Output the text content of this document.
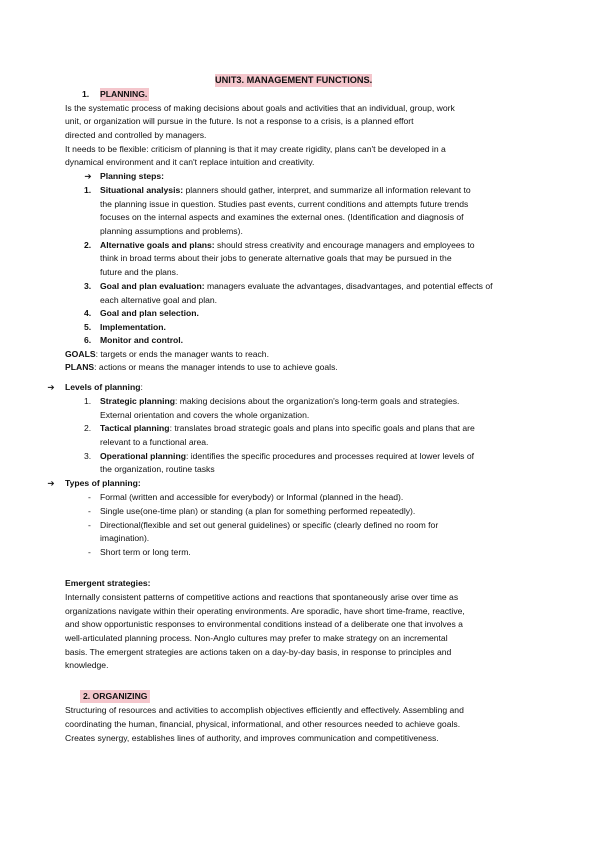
UNIT3. MANAGEMENT FUNCTIONS.
1. PLANNING.
Is the systematic process of making decisions about goals and activities that an individual, group, work
unit, or organization will pursue in the future. Is not a response to a crisis, is a planned effort
directed and controlled by managers.
It needs to be flexible: criticism of planning is that it may create rigidity, plans can't be developed in a
dynamical environment and it can't replace intuition and creativity.
➔ Planning steps:
1. Situational analysis: planners should gather, interpret, and summarize all information relevant to
the planning issue in question. Studies past events, current conditions and attempts future trends
focuses on the internal aspects and examines the external ones. (Identification and diagnosis of
planning assumptions and problems).
2. Alternative goals and plans: should stress creativity and encourage managers and employees to
think in broad terms about their jobs to generate alternative goals that may be pursued in the
future and the plans.
3. Goal and plan evaluation: managers evaluate the advantages, disadvantages, and potential effects of
each alternative goal and plan.
4. Goal and plan selection.
5. Implementation.
6. Monitor and control.
GOALS: targets or ends the manager wants to reach.
PLANS: actions or means the manager intends to use to achieve goals.
➔ Levels of planning:
1. Strategic planning: making decisions about the organization's long-term goals and strategies.
External orientation and covers the whole organization.
2. Tactical planning: translates broad strategic goals and plans into specific goals and plans that are
relevant to a functional area.
3. Operational planning: identifies the specific procedures and processes required at lower levels of
the organization, routine tasks
➔ Types of planning:
- Formal (written and accessible for everybody) or Informal (planned in the head).
- Single use(one-time plan) or standing (a plan for something performed repeatedly).
- Directional(flexible and set out general guidelines) or specific (clearly defined no room for
imagination).
- Short term or long term.
Emergent strategies:
Internally consistent patterns of competitive actions and reactions that spontaneously arise over time as
organizations navigate within their operating environments. Are sporadic, have short time-frame, reactive,
and show opportunistic responses to environmental conditions instead of a deliberate one that involves a
well-articulated planning process. Non-Anglo cultures may prefer to make strategy on an incremental
basis. The emergent strategies are actions taken on a day-by-day basis, in response to principles and
knowledge.
2. ORGANIZING
Structuring of resources and activities to accomplish objectives efficiently and effectively. Assembling and
coordinating the human, financial, physical, informational, and other resources needed to achieve goals.
Creates synergy, establishes lines of authority, and improves communication and competitiveness.
